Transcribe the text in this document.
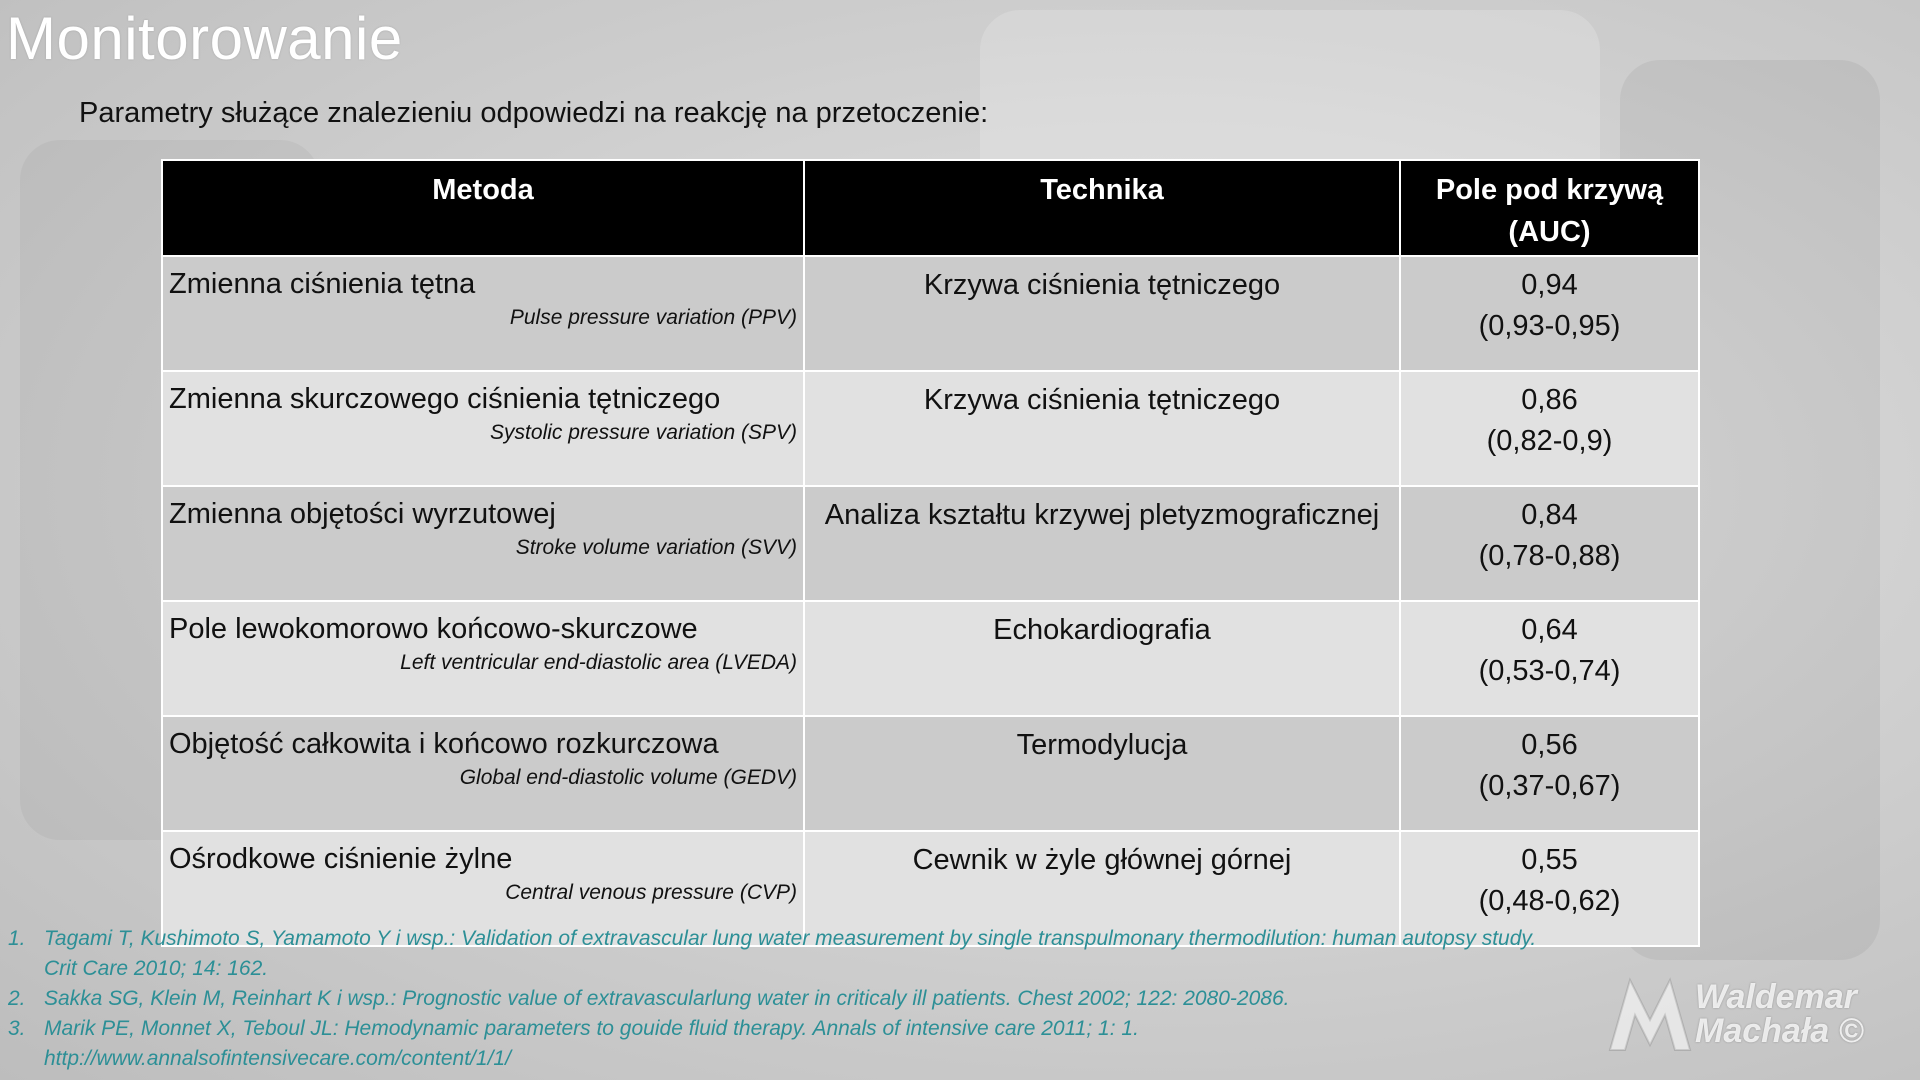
Monitorowanie

Parametry służące znalezieniu odpowiedzi na reakcję na przetoczenie:

Metoda	Technika	Pole pod krzywą (AUC)

Zmienna ciśnienia tętna
Pulse pressure variation (PPV)	Krzywa ciśnienia tętniczego	0,94
(0,93-0,95)

Zmienna skurczowego ciśnienia tętniczego
Systolic pressure variation (SPV)	Krzywa ciśnienia tętniczego	0,86
(0,82-0,9)

Zmienna objętości wyrzutowej
Stroke volume variation (SVV)	Analiza kształtu krzywej pletyzmograficznej	0,84
(0,78-0,88)

Pole lewokomorowo końcowo-skurczowe
Left ventricular end-diastolic area (LVEDA)	Echokardiografia	0,64
(0,53-0,74)

Objętość całkowita i końcowo rozkurczowa
Global end-diastolic volume (GEDV)	Termodylucja	0,56
(0,37-0,67)

Ośrodkowe ciśnienie żylne
Central venous pressure (CVP)	Cewnik w żyle głównej górnej	0,55
(0,48-0,62)
1. Tagami T, Kushimoto S, Yamamoto Y i wsp.: Validation of extravascular lung water measurement by single transpulmonary thermodilution: human autopsy study. Crit Care 2010; 14: 162.
2. Sakka SG, Klein M, Reinhart K i wsp.: Prognostic value of extravascularlung water in criticaly ill patients. Chest 2002; 122: 2080-2086.
3. Marik PE, Monnet X, Teboul JL: Hemodynamic parameters to gouide fluid therapy. Annals of intensive care 2011; 1: 1. http://www.annalsofintensivecare.com/content/1/1/
Waldemar
Machała ©
